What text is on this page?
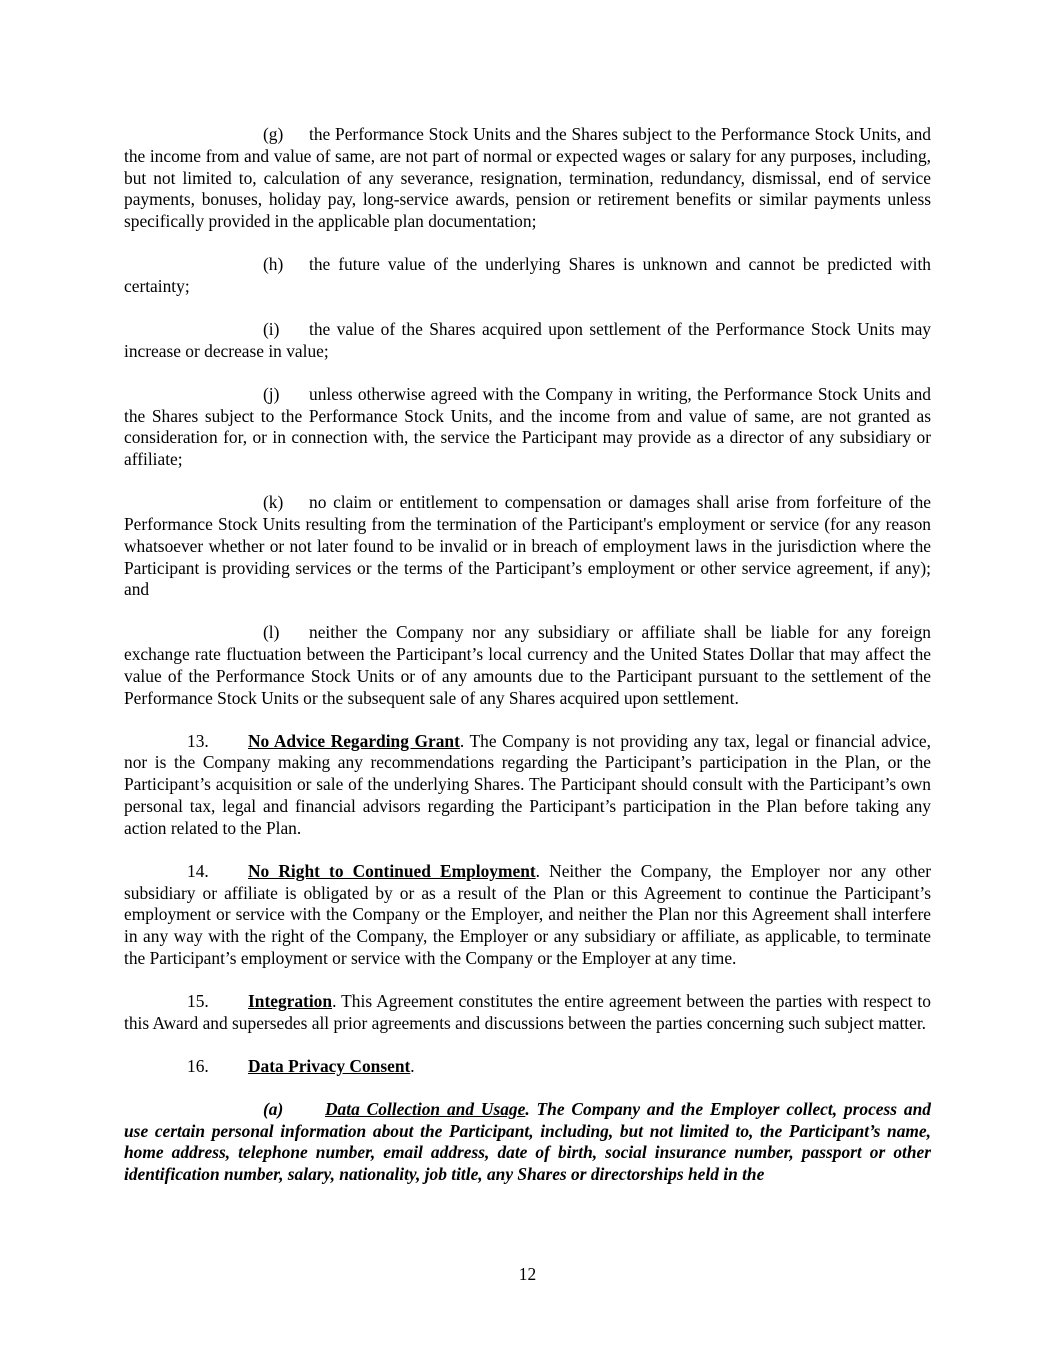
(g) the Performance Stock Units and the Shares subject to the Performance Stock Units, and the income from and value of same, are not part of normal or expected wages or salary for any purposes, including, but not limited to, calculation of any severance, resignation, termination, redundancy, dismissal, end of service payments, bonuses, holiday pay, long-service awards, pension or retirement benefits or similar payments unless specifically provided in the applicable plan documentation;

(h) the future value of the underlying Shares is unknown and cannot be predicted with certainty;

(i) the value of the Shares acquired upon settlement of the Performance Stock Units may increase or decrease in value;

(j) unless otherwise agreed with the Company in writing, the Performance Stock Units and the Shares subject to the Performance Stock Units, and the income from and value of same, are not granted as consideration for, or in connection with, the service the Participant may provide as a director of any subsidiary or affiliate;

(k) no claim or entitlement to compensation or damages shall arise from forfeiture of the Performance Stock Units resulting from the termination of the Participant's employment or service (for any reason whatsoever whether or not later found to be invalid or in breach of employment laws in the jurisdiction where the Participant is providing services or the terms of the Participant’s employment or other service agreement, if any); and

(l) neither the Company nor any subsidiary or affiliate shall be liable for any foreign exchange rate fluctuation between the Participant’s local currency and the United States Dollar that may affect the value of the Performance Stock Units or of any amounts due to the Participant pursuant to the settlement of the Performance Stock Units or the subsequent sale of any Shares acquired upon settlement.

13. No Advice Regarding Grant. The Company is not providing any tax, legal or financial advice, nor is the Company making any recommendations regarding the Participant’s participation in the Plan, or the Participant’s acquisition or sale of the underlying Shares. The Participant should consult with the Participant’s own personal tax, legal and financial advisors regarding the Participant’s participation in the Plan before taking any action related to the Plan.

14. No Right to Continued Employment. Neither the Company, the Employer nor any other subsidiary or affiliate is obligated by or as a result of the Plan or this Agreement to continue the Participant’s employment or service with the Company or the Employer, and neither the Plan nor this Agreement shall interfere in any way with the right of the Company, the Employer or any subsidiary or affiliate, as applicable, to terminate the Participant’s employment or service with the Company or the Employer at any time.

15. Integration. This Agreement constitutes the entire agreement between the parties with respect to this Award and supersedes all prior agreements and discussions between the parties concerning such subject matter.

16. Data Privacy Consent.

(a) Data Collection and Usage. The Company and the Employer collect, process and use certain personal information about the Participant, including, but not limited to, the Participant’s name, home address, telephone number, email address, date of birth, social insurance number, passport or other identification number, salary, nationality, job title, any Shares or directorships held in the

12
